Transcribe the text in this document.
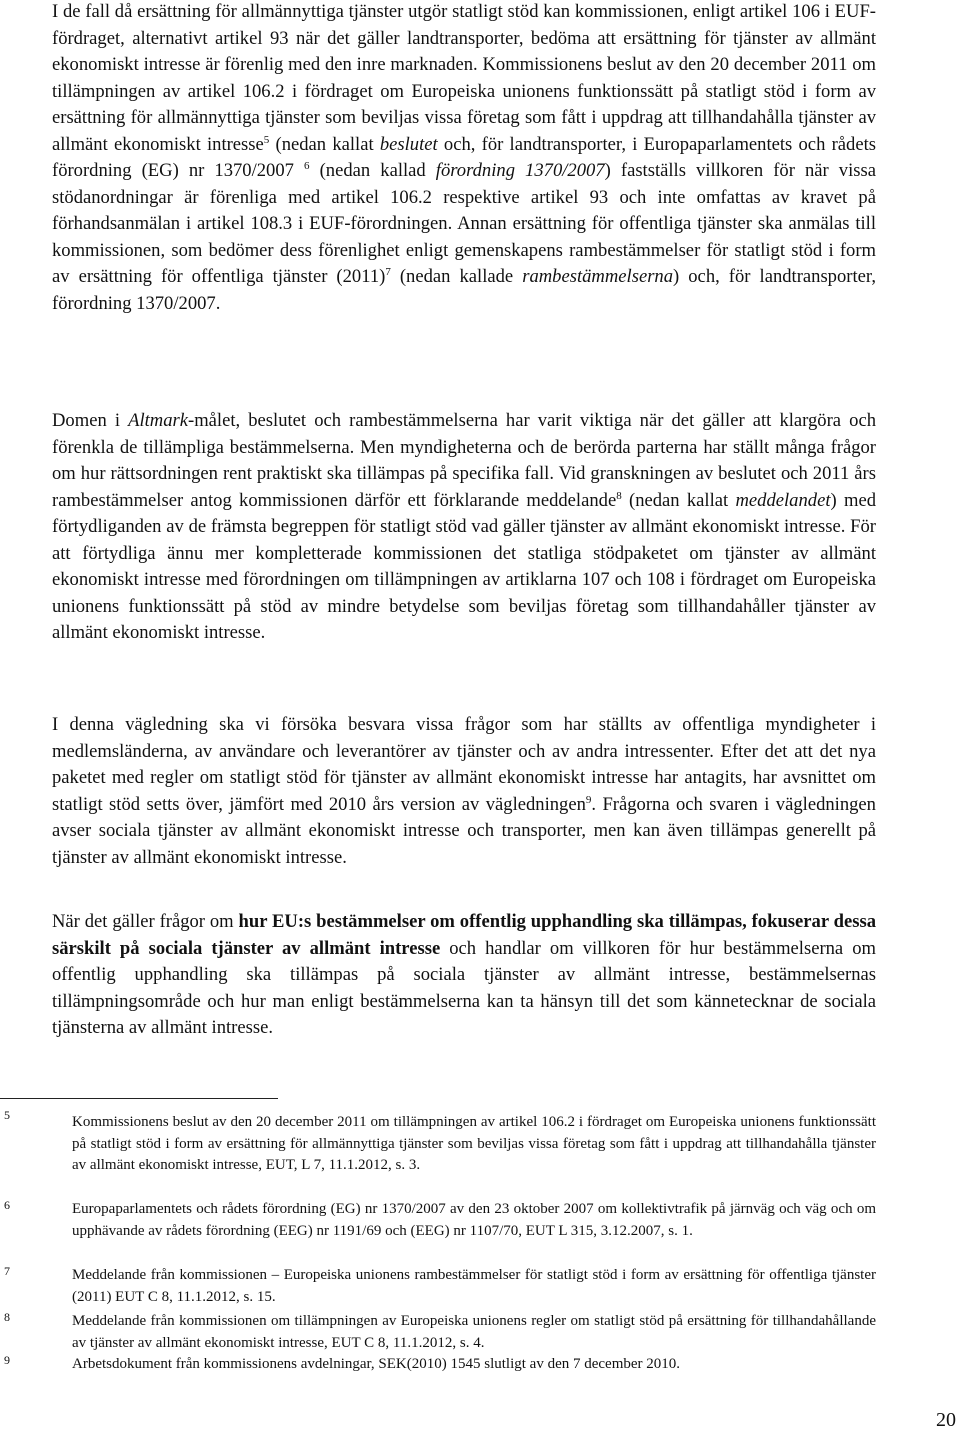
I de fall då ersättning för allmännyttiga tjänster utgör statligt stöd kan kommissionen, enligt artikel 106 i EUF-fördraget, alternativt artikel 93 när det gäller landtransporter, bedöma att ersättning för tjänster av allmänt ekonomiskt intresse är förenlig med den inre marknaden. Kommissionens beslut av den 20 december 2011 om tillämpningen av artikel 106.2 i fördraget om Europeiska unionens funktionssätt på statligt stöd i form av ersättning för allmännyttiga tjänster som beviljas vissa företag som fått i uppdrag att tillhandahålla tjänster av allmänt ekonomiskt intresse$^5$ (nedan kallat beslutet och, för landtransporter, i Europaparlamentets och rådets förordning (EG) nr 1370/2007 $^6$ (nedan kallad förordning 1370/2007) fastställs villkoren för när vissa stödanordningar är förenliga med artikel 106.2 respektive artikel 93 och inte omfattas av kravet på förhandsanmälan i artikel 108.3 i EUF-förordningen. Annan ersättning för offentliga tjänster ska anmälas till kommissionen, som bedömer dess förenlighet enligt gemenskapens rambestämmelser för statligt stöd i form av ersättning för offentliga tjänster (2011)$^7$ (nedan kallade rambestämmelserna) och, för landtransporter, förordning 1370/2007.

Domen i Altmark-målet, beslutet och rambestämmelserna har varit viktiga när det gäller att klargöra och förenkla de tillämpliga bestämmelserna. Men myndigheterna och de berörda parterna har ställt många frågor om hur rättsordningen rent praktiskt ska tillämpas på specifika fall. Vid granskningen av beslutet och 2011 års rambestämmelser antog kommissionen därför ett förklarande meddelande$^8$ (nedan kallat meddelandet) med förtydliganden av de främsta begreppen för statligt stöd vad gäller tjänster av allmänt ekonomiskt intresse. För att förtydliga ännu mer kompletterade kommissionen det statliga stödpaketet om tjänster av allmänt ekonomiskt intresse med förordningen om tillämpningen av artiklarna 107 och 108 i fördraget om Europeiska unionens funktionssätt på stöd av mindre betydelse som beviljas företag som tillhandahåller tjänster av allmänt ekonomiskt intresse.

I denna vägledning ska vi försöka besvara vissa frågor som har ställts av offentliga myndigheter i medlemsländerna, av användare och leverantörer av tjänster och av andra intressenter. Efter det att det nya paketet med regler om statligt stöd för tjänster av allmänt ekonomiskt intresse har antagits, har avsnittet om statligt stöd setts över, jämfört med 2010 års version av vägledningen$^9$. Frågorna och svaren i vägledningen avser sociala tjänster av allmänt ekonomiskt intresse och transporter, men kan även tillämpas generellt på tjänster av allmänt ekonomiskt intresse.

När det gäller frågor om hur EU:s bestämmelser om offentlig upphandling ska tillämpas, fokuserar dessa särskilt på sociala tjänster av allmänt intresse och handlar om villkoren för hur bestämmelserna om offentlig upphandling ska tillämpas på sociala tjänster av allmänt intresse, bestämmelsernas tillämpningsområde och hur man enligt bestämmelserna kan ta hänsyn till det som kännetecknar de sociala tjänsterna av allmänt intresse.

5	Kommissionens beslut av den 20 december 2011 om tillämpningen av artikel 106.2 i fördraget om Europeiska unionens funktionssätt på statligt stöd i form av ersättning för allmännyttiga tjänster som beviljas vissa företag som fått i uppdrag att tillhandahålla tjänster av allmänt ekonomiskt intresse, EUT, L 7, 11.1.2012, s. 3.

6	Europaparlamentets och rådets förordning (EG) nr 1370/2007 av den 23 oktober 2007 om kollektivtrafik på järnväg och väg och om upphävande av rådets förordning (EEG) nr 1191/69 och (EEG) nr 1107/70, EUT L 315, 3.12.2007, s. 1.

7	Meddelande från kommissionen – Europeiska unionens rambestämmelser för statligt stöd i form av ersättning för offentliga tjänster (2011) EUT C 8, 11.1.2012, s. 15.

8	Meddelande från kommissionen om tillämpningen av Europeiska unionens regler om statligt stöd på ersättning för tillhandahållande av tjänster av allmänt ekonomiskt intresse, EUT C 8, 11.1.2012, s. 4.

9	Arbetsdokument från kommissionens avdelningar, SEK(2010) 1545 slutligt av den 7 december 2010.

20
